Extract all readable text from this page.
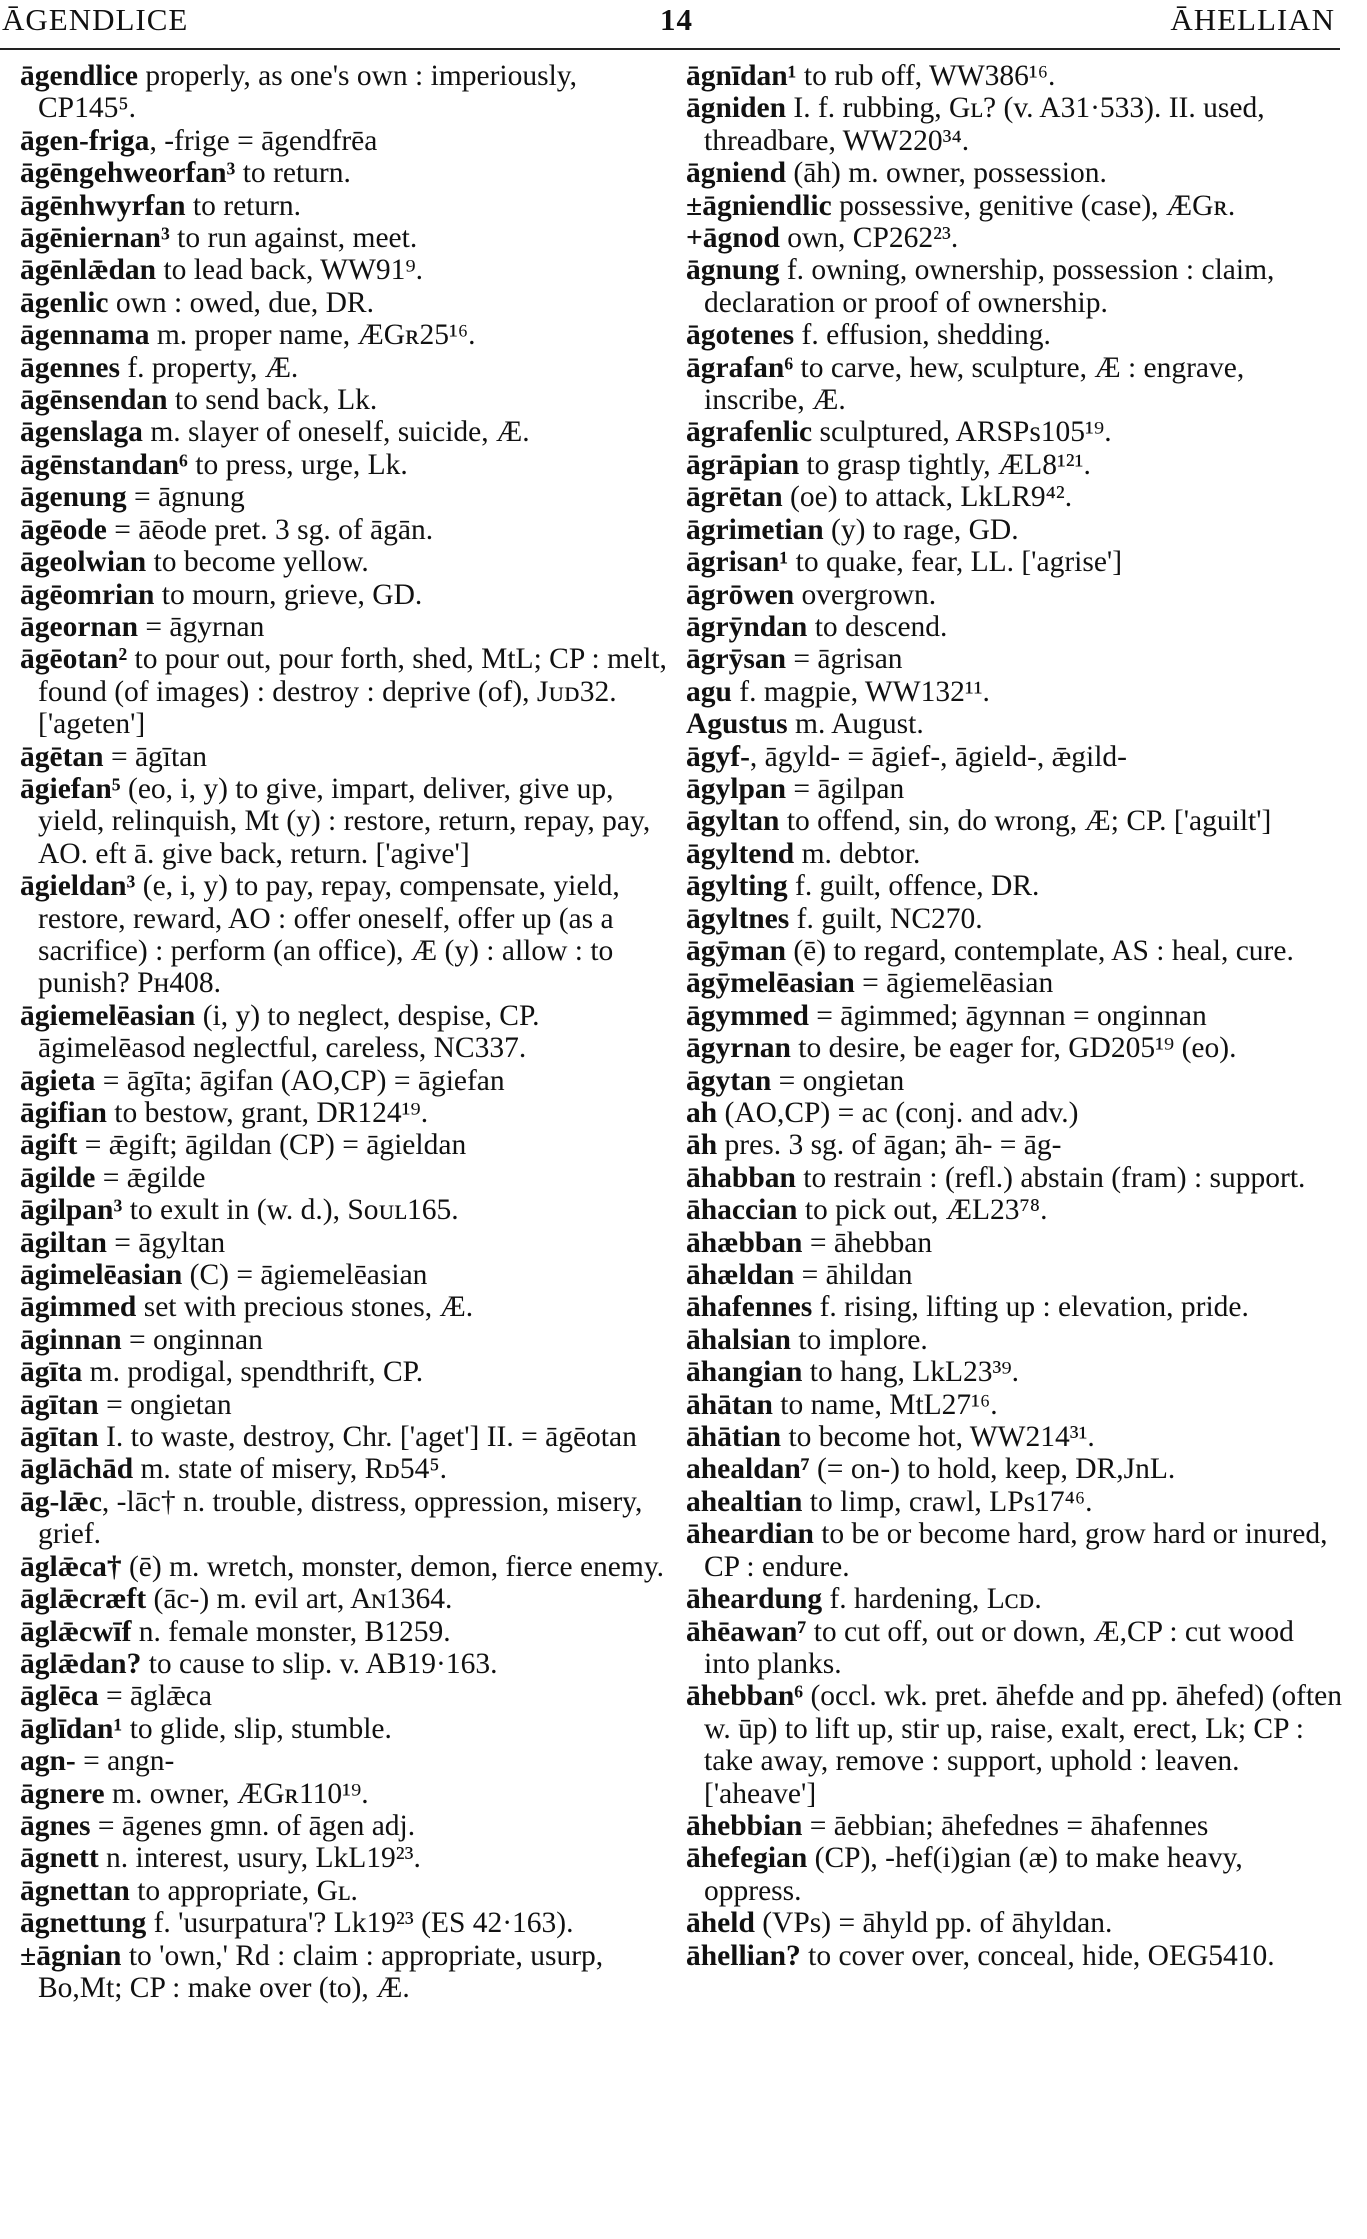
ĀGENDLICE	14	ĀHELLIAN

āgendlice properly, as one's own : imperiously, CP145⁵.

āgen-friga, -frige = āgendfrēa

āgēngehweorfan³ to return.

āgēnhwyrfan to return.

āgēniernan³ to run against, meet.

āgēnlǣdan to lead back, WW91⁹.

āgenlic own : owed, due, DR.

āgennama m. proper name, ÆGʀ25¹⁶.

āgennes f. property, Æ.

āgēnsendan to send back, Lk.

āgenslaga m. slayer of oneself, suicide, Æ.

āgēnstandan⁶ to press, urge, Lk.

āgenung = āgnung

āgēode = āēode pret. 3 sg. of āgān.

āgeolwian to become yellow.

āgēomrian to mourn, grieve, GD.

āgeornan = āgyrnan

āgēotan² to pour out, pour forth, shed, MtL; CP : melt, found (of images) : destroy : deprive (of), Jᴜᴅ32. ['ageten']

āgētan = āgītan

āgiefan⁵ (eo, i, y) to give, impart, deliver, give up, yield, relinquish, Mt (y) : restore, return, repay, pay, AO. eft ā. give back, return. ['agive']

āgieldan³ (e, i, y) to pay, repay, compensate, yield, restore, reward, AO : offer oneself, offer up (as a sacrifice) : perform (an office), Æ (y) : allow : to punish? Pʜ408.

āgiemelēasian (i, y) to neglect, despise, CP. āgimelēasod neglectful, careless, NC337.

āgieta = āgīta; āgifan (AO,CP) = āgiefan

āgifian to bestow, grant, DR124¹⁹.

āgift = ǣgift; āgildan (CP) = āgieldan

āgilde = ǣgilde

āgilpan³ to exult in (w. d.), Sᴏᴜʟ165.

āgiltan = āgyltan

āgimelēasian (C) = āgiemelēasian

āgimmed set with precious stones, Æ.

āginnan = onginnan

āgīta m. prodigal, spendthrift, CP.

āgītan = ongietan

āgītan I. to waste, destroy, Chr. ['aget'] II. = āgēotan

āglāchād m. state of misery, Rᴅ54⁵.

āg-lǣc, -lāc† n. trouble, distress, oppression, misery, grief.

āglǣca† (ē) m. wretch, monster, demon, fierce enemy.

āglǣcræft (āc-) m. evil art, Aɴ1364.

āglǣcwīf n. female monster, B1259.

āglǣdan? to cause to slip. v. AB19·163.

āglēca = āglǣca

āglīdan¹ to glide, slip, stumble.

agn- = angn-

āgnere m. owner, ÆGʀ110¹⁹.

āgnes = āgenes gmn. of āgen adj.

āgnett n. interest, usury, LkL19²³.

āgnettan to appropriate, Gʟ.

āgnettung f. 'usurpatura'? Lk19²³ (ES 42·163).

±āgnian to 'own,' Rd : claim : appropriate, usurp, Bo,Mt; CP : make over (to), Æ.

āgnīdan¹ to rub off, WW386¹⁶.

āgniden I. f. rubbing, Gʟ? (v. A31·533). II. used, threadbare, WW220³⁴.

āgniend (āh) m. owner, possession.

±āgniendlic possessive, genitive (case), ÆGʀ.

+āgnod own, CP262²³.

āgnung f. owning, ownership, possession : claim, declaration or proof of ownership.

āgotenes f. effusion, shedding.

āgrafan⁶ to carve, hew, sculpture, Æ : engrave, inscribe, Æ.

āgrafenlic sculptured, ARSPs105¹⁹.

āgrāpian to grasp tightly, ÆL8¹²¹.

āgrētan (oe) to attack, LkLR9⁴².

āgrimetian (y) to rage, GD.

āgrisan¹ to quake, fear, LL. ['agrise']

āgrōwen overgrown.

āgrȳndan to descend.

āgrȳsan = āgrisan

agu f. magpie, WW132¹¹.

Agustus m. August.

āgyf-, āgyld- = āgief-, āgield-, ǣgild-

āgylpan = āgilpan

āgyltan to offend, sin, do wrong, Æ; CP. ['aguilt']

āgyltend m. debtor.

āgylting f. guilt, offence, DR.

āgyltnes f. guilt, NC270.

āgȳman (ē) to regard, contemplate, AS : heal, cure.

āgȳmelēasian = āgiemelēasian

āgymmed = āgimmed; āgynnan = onginnan

āgyrnan to desire, be eager for, GD205¹⁹ (eo).

āgytan = ongietan

ah (AO,CP) = ac (conj. and adv.)

āh pres. 3 sg. of āgan; āh- = āg-

āhabban to restrain : (refl.) abstain (fram) : support.

āhaccian to pick out, ÆL23⁷⁸.

āhæbban = āhebban

āhældan = āhildan

āhafennes f. rising, lifting up : elevation, pride.

āhalsian to implore.

āhangian to hang, LkL23³⁹.

āhātan to name, MtL27¹⁶.

āhātian to become hot, WW214³¹.

ahealdan⁷ (= on-) to hold, keep, DR,JnL.

ahealtian to limp, crawl, LPs17⁴⁶.

āheardian to be or become hard, grow hard or inured, CP : endure.

āheardung f. hardening, Lᴄᴅ.

āhēawan⁷ to cut off, out or down, Æ,CP : cut wood into planks.

āhebban⁶ (occl. wk. pret. āhefde and pp. āhefed) (often w. ūp) to lift up, stir up, raise, exalt, erect, Lk; CP : take away, remove : support, uphold : leaven. ['aheave']

āhebbian = āebbian; āhefednes = āhafennes

āhefegian (CP), -hef(i)gian (æ) to make heavy, oppress.

āheld (VPs) = āhyld pp. of āhyldan.

āhellian? to cover over, conceal, hide, OEG5410.
